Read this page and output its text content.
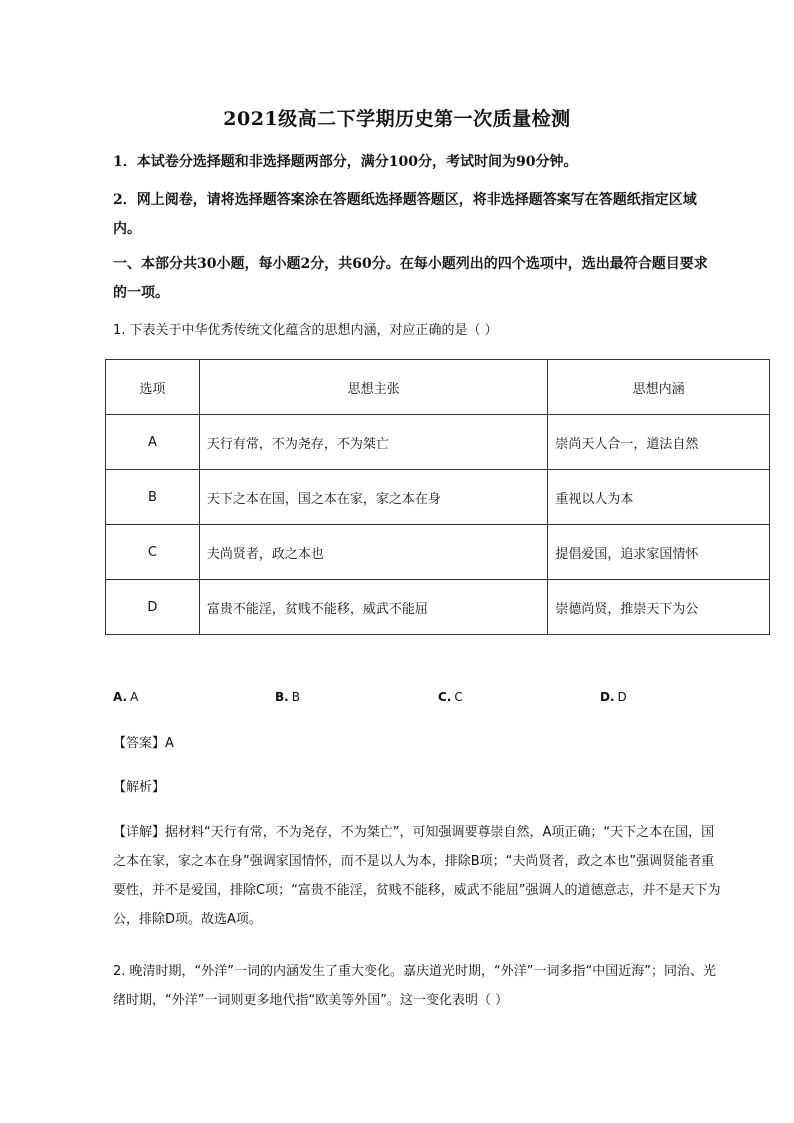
2021级高二下学期历史第一次质量检测
1．本试卷分选择题和非选择题两部分，满分100分，考试时间为90分钟。
2．网上阅卷，请将选择题答案涂在答题纸选择题答题区，将非选择题答案写在答题纸指定区域内。
一、本部分共30小题，每小题2分，共60分。在每小题列出的四个选项中，选出最符合题目要求的一项。
1. 下表关于中华优秀传统文化蕴含的思想内涵，对应正确的是（ ）
选项	思想主张	思想内涵
A	天行有常，不为尧存，不为桀亡	崇尚天人合一，道法自然
B	天下之本在国，国之本在家，家之本在身	重视以人为本
C	夫尚贤者，政之本也	提倡爱国，追求家国情怀
D	富贵不能淫，贫贱不能移，威武不能屈	崇德尚贤，推崇天下为公
A. A	B. B	C. C	D. D
【答案】A
【解析】
【详解】据材料“天行有常，不为尧存，不为桀亡”，可知强调要尊崇自然，A项正确；“天下之本在国，国之本在家，家之本在身”强调家国情怀，而不是以人为本，排除B项；“夫尚贤者，政之本也”强调贤能者重要性，并不是爱国，排除C项；“富贵不能淫，贫贱不能移，威武不能屈”强调人的道德意志，并不是天下为公，排除D项。故选A项。
2. 晚清时期，“外洋”一词的内涵发生了重大变化。嘉庆道光时期，“外洋”一词多指“中国近海”；同治、光绪时期，“外洋”一词则更多地代指“欧美等外国”。这一变化表明（ ）
